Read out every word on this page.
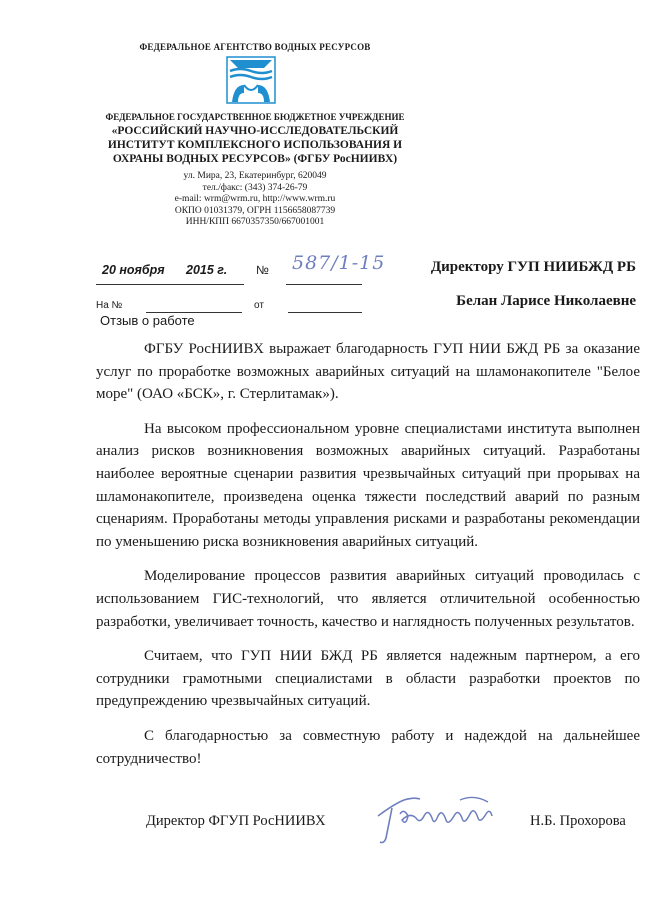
ФЕДЕРАЛЬНОЕ АГЕНТСТВО ВОДНЫХ РЕСУРСОВ
ФЕДЕРАЛЬНОЕ ГОСУДАРСТВЕННОЕ БЮДЖЕТНОЕ УЧРЕЖДЕНИЕ
«РОССИЙСКИЙ НАУЧНО-ИССЛЕДОВАТЕЛЬСКИЙ
ИНСТИТУТ КОМПЛЕКСНОГО ИСПОЛЬЗОВАНИЯ И
ОХРАНЫ ВОДНЫХ РЕСУРСОВ» (ФГБУ РосНИИВХ)
ул. Мира, 23, Екатеринбург, 620049
тел./факс: (343) 374-26-79
e-mail: wrm@wrm.ru, http://www.wrm.ru
ОКПО 01031379, ОГРН 1156658087739
ИНН/КПП 6670357350/667001001
20 ноября 2015 г. № 587/1-15
На №	от
Директору ГУП НИИБЖД РБ
Белан Ларисе Николаевне
Отзыв о работе

ФГБУ РосНИИВХ выражает благодарность ГУП НИИ БЖД РБ за оказание услуг по проработке возможных аварийных ситуаций на шламонакопителе "Белое море" (ОАО «БСК», г. Стерлитамак»).

На высоком профессиональном уровне специалистами института выполнен анализ рисков возникновения возможных аварийных ситуаций. Разработаны наиболее вероятные сценарии развития чрезвычайных ситуаций при прорывах на шламонакопителе, произведена оценка тяжести последствий аварий по разным сценариям. Проработаны методы управления рисками и разработаны рекомендации по уменьшению риска возникновения аварийных ситуаций.

Моделирование процессов развития аварийных ситуаций проводилась с использованием ГИС-технологий, что является отличительной особенностью разработки, увеличивает точность, качество и наглядность полученных результатов.

Считаем, что ГУП НИИ БЖД РБ является надежным партнером, а его сотрудники грамотными специалистами в области разработки проектов по предупреждению чрезвычайных ситуаций.

С благодарностью за совместную работу и надеждой на дальнейшее сотрудничество!

Директор ФГУП РосНИИВХ	Н.Б. Прохорова
